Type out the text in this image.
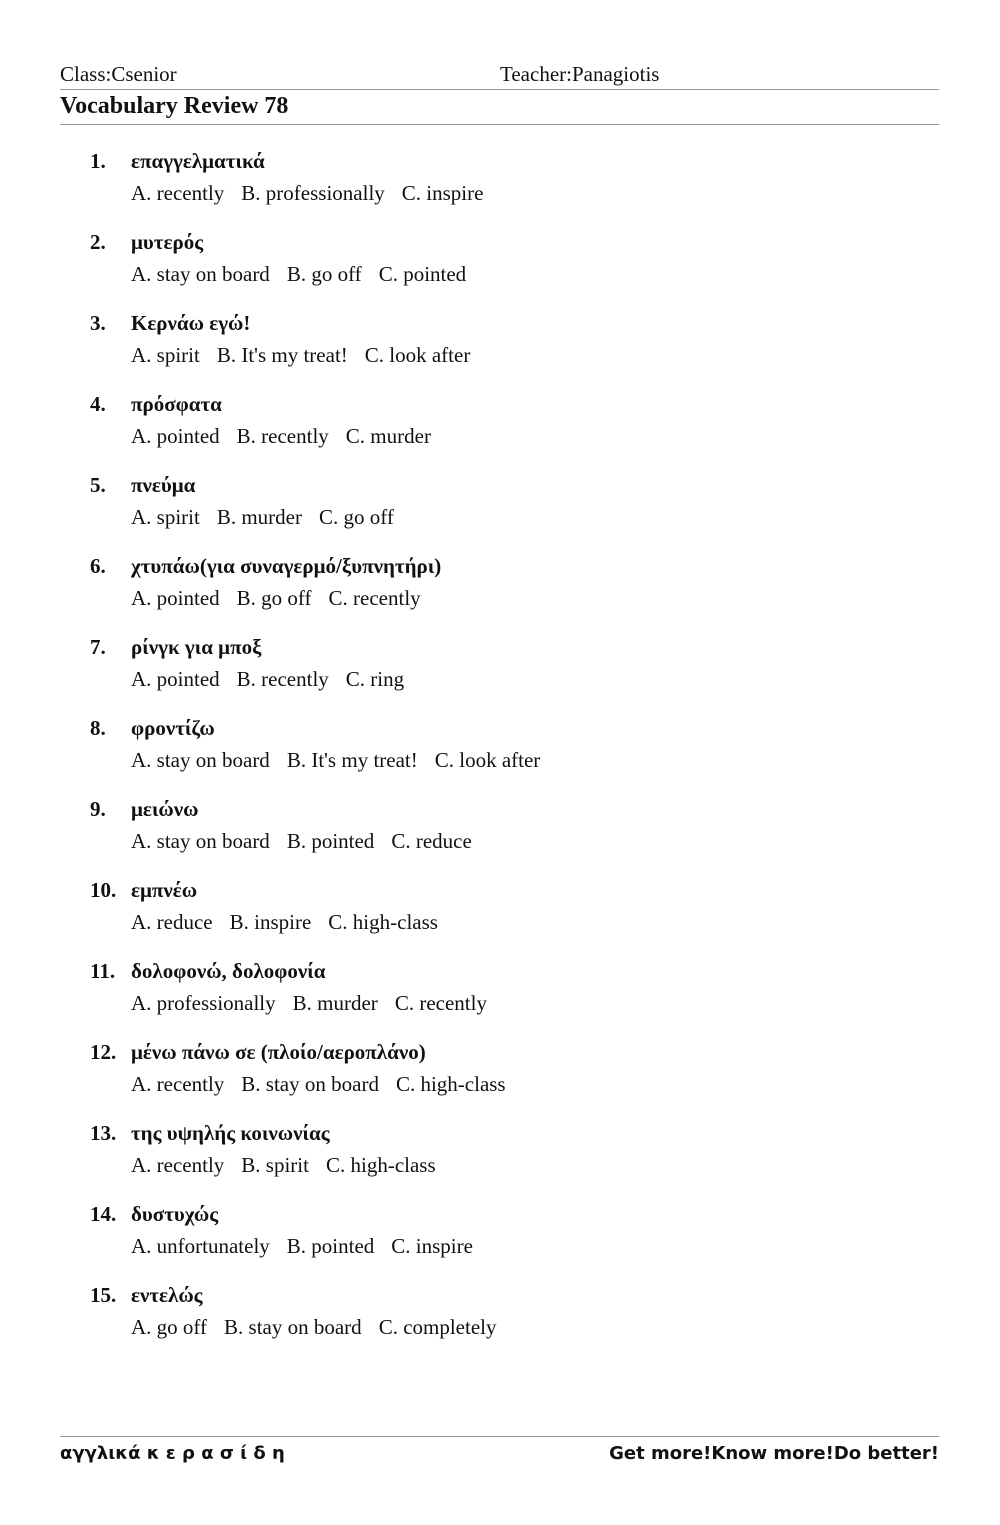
Class:Csenior	Teacher:Panagiotis
Vocabulary Review 78
1. επαγγελματικά
A. recently B. professionally C. inspire
2. μυτερός
A. stay on board B. go off C. pointed
3. Κερνάω εγώ!
A. spirit B. It's my treat! C. look after
4. πρόσφατα
A. pointed B. recently C. murder
5. πνεύμα
A. spirit B. murder C. go off
6. χτυπάω(για συναγερμό/ξυπνητήρι)
A. pointed B. go off C. recently
7. ρίνγκ για μποξ
A. pointed B. recently C. ring
8. φροντίζω
A. stay on board B. It's my treat! C. look after
9. μειώνω
A. stay on board B. pointed C. reduce
10. εμπνέω
A. reduce B. inspire C. high-class
11. δολοφονώ, δολοφονία
A. professionally B. murder C. recently
12. μένω πάνω σε (πλοίο/αεροπλάνο)
A. recently B. stay on board C. high-class
13. της υψηλής κοινωνίας
A. recently B. spirit C. high-class
14. δυστυχώς
A. unfortunately B. pointed C. inspire
15. εντελώς
A. go off B. stay on board C. completely
αγγλικά κ ε ρ α σ ί δ η	Get more!Know more!Do better!
